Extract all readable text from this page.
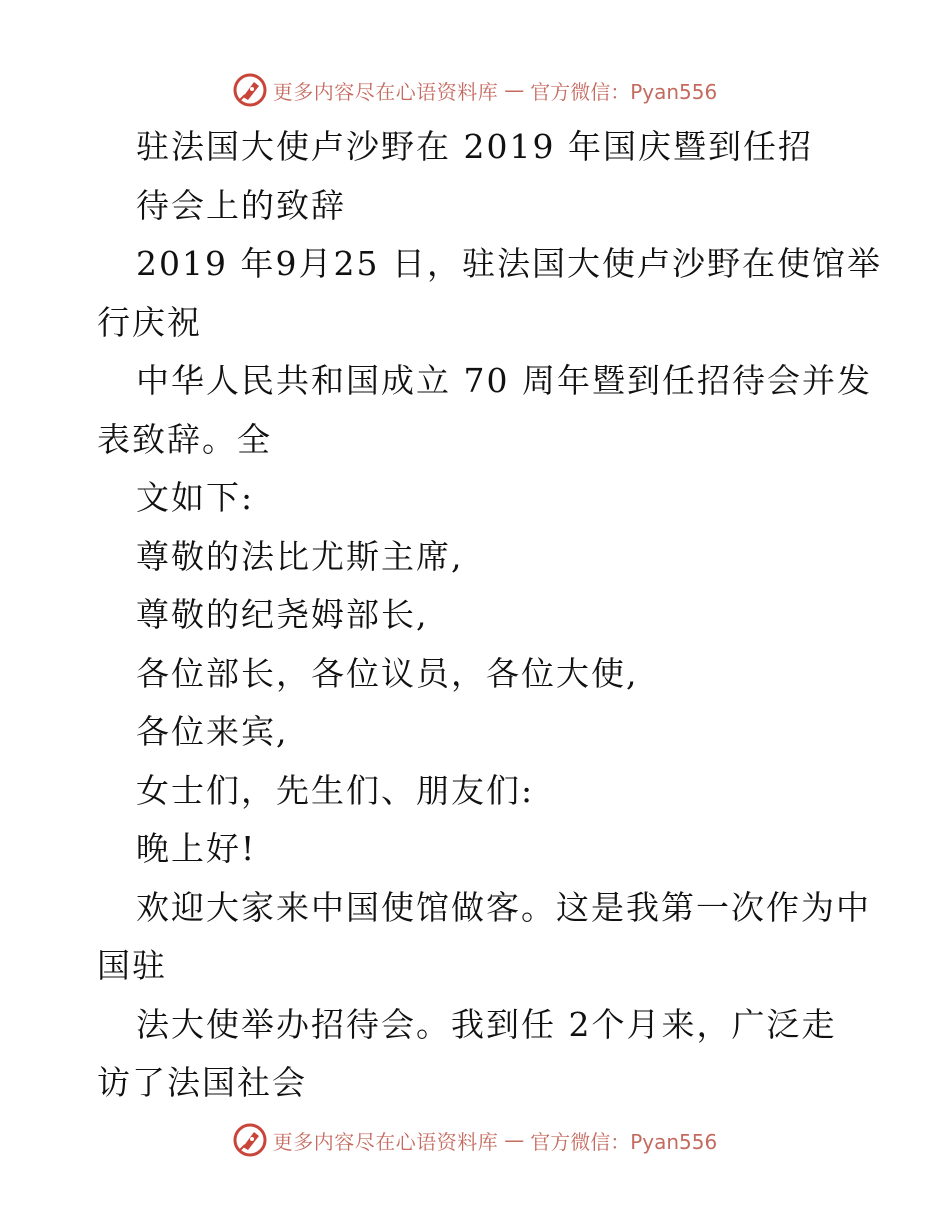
更多内容尽在心语资料库 — 官方微信：Pyan556
驻法国大使卢沙野在 2019 年国庆暨到任招
待会上的致辞
2019 年9月25 日，驻法国大使卢沙野在使馆举
行庆祝
中华人民共和国成立 70 周年暨到任招待会并发
表致辞。全
文如下:
尊敬的法比尤斯主席,
尊敬的纪尧姆部长,
各位部长，各位议员，各位大使,
各位来宾,
女士们，先生们、朋友们:
晚上好!
欢迎大家来中国使馆做客。这是我第一次作为中
国驻
法大使举办招待会。我到任 2个月来，广泛走
访了法国社会
更多内容尽在心语资料库 — 官方微信：Pyan556
